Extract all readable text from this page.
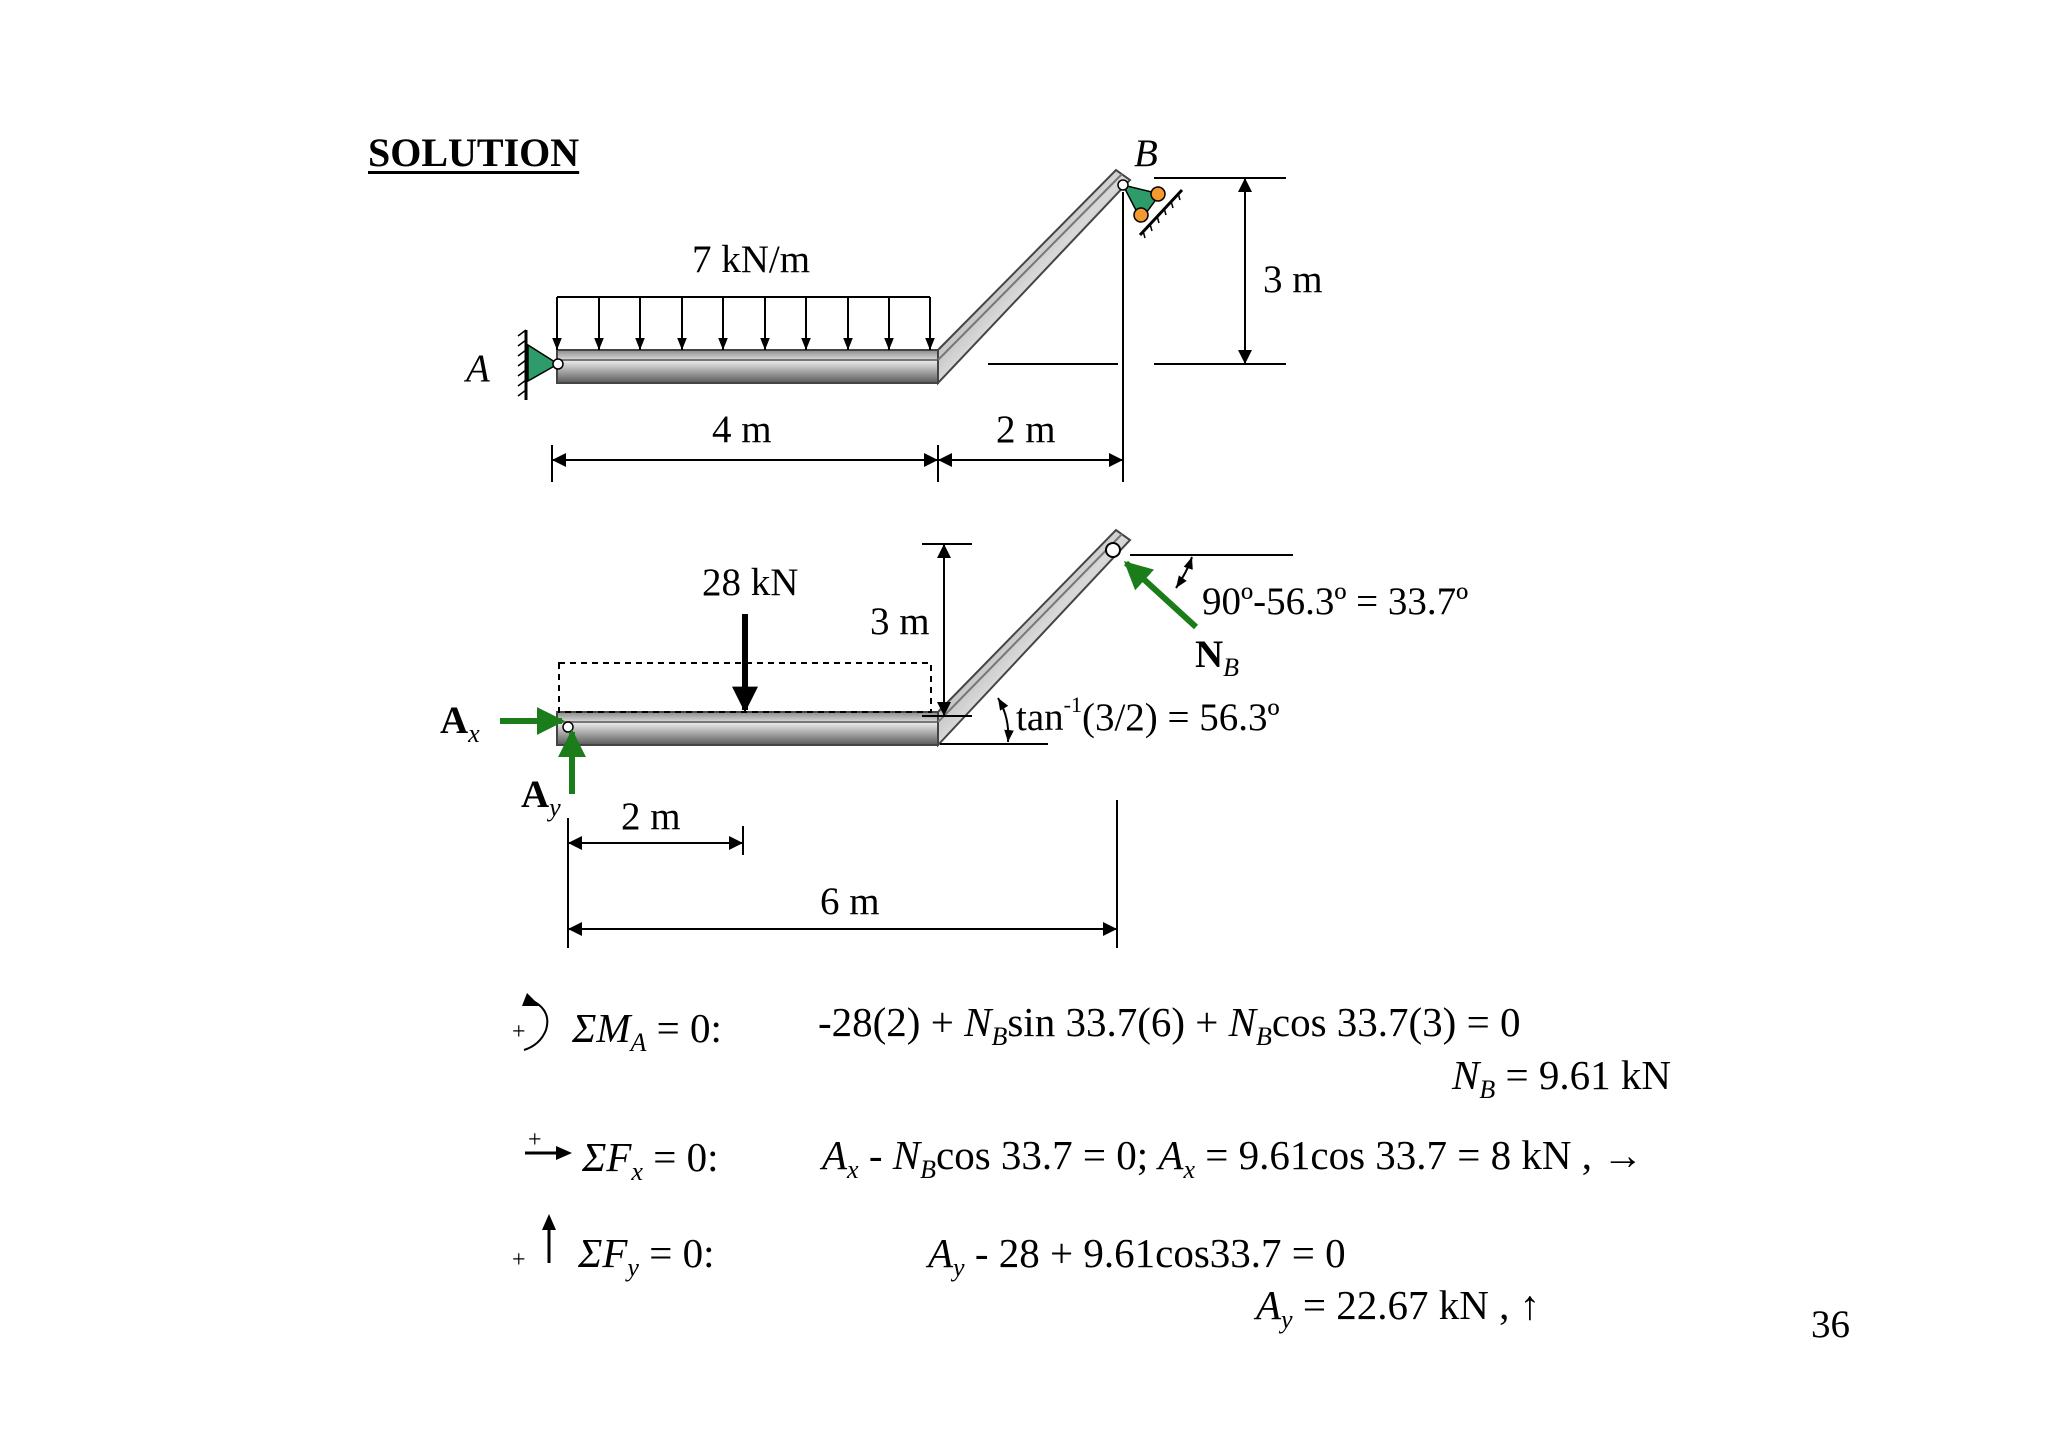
SOLUTION	B
A
7 kN/m	3 m
4 m	2 m
28 kN
3 m	90º-56.3º = 33.7º
$\tan^{-1}(3/2)$ = 56.3º
$N_B$
$A_x$
$A_y$ 2 m
6 m
+ $\Sigma M_A = 0$: $-28(2) + N_B\sin$ $33.7(6) + N_B\cos$ 33.7(3) = 0
$N_B = 9.61$ kN
+ $\Sigma F_x = 0$:	$A_x - N_B\cos$ 33.7 = 0; $A_x = 9.61\cos$ 33.7 = 8 kN , →
+ $\Sigma F_y = 0$:	$A_y - 28 + 9.61\cos 33.7 = 0$
$A_y = 22.67$ kN , ↑	36
